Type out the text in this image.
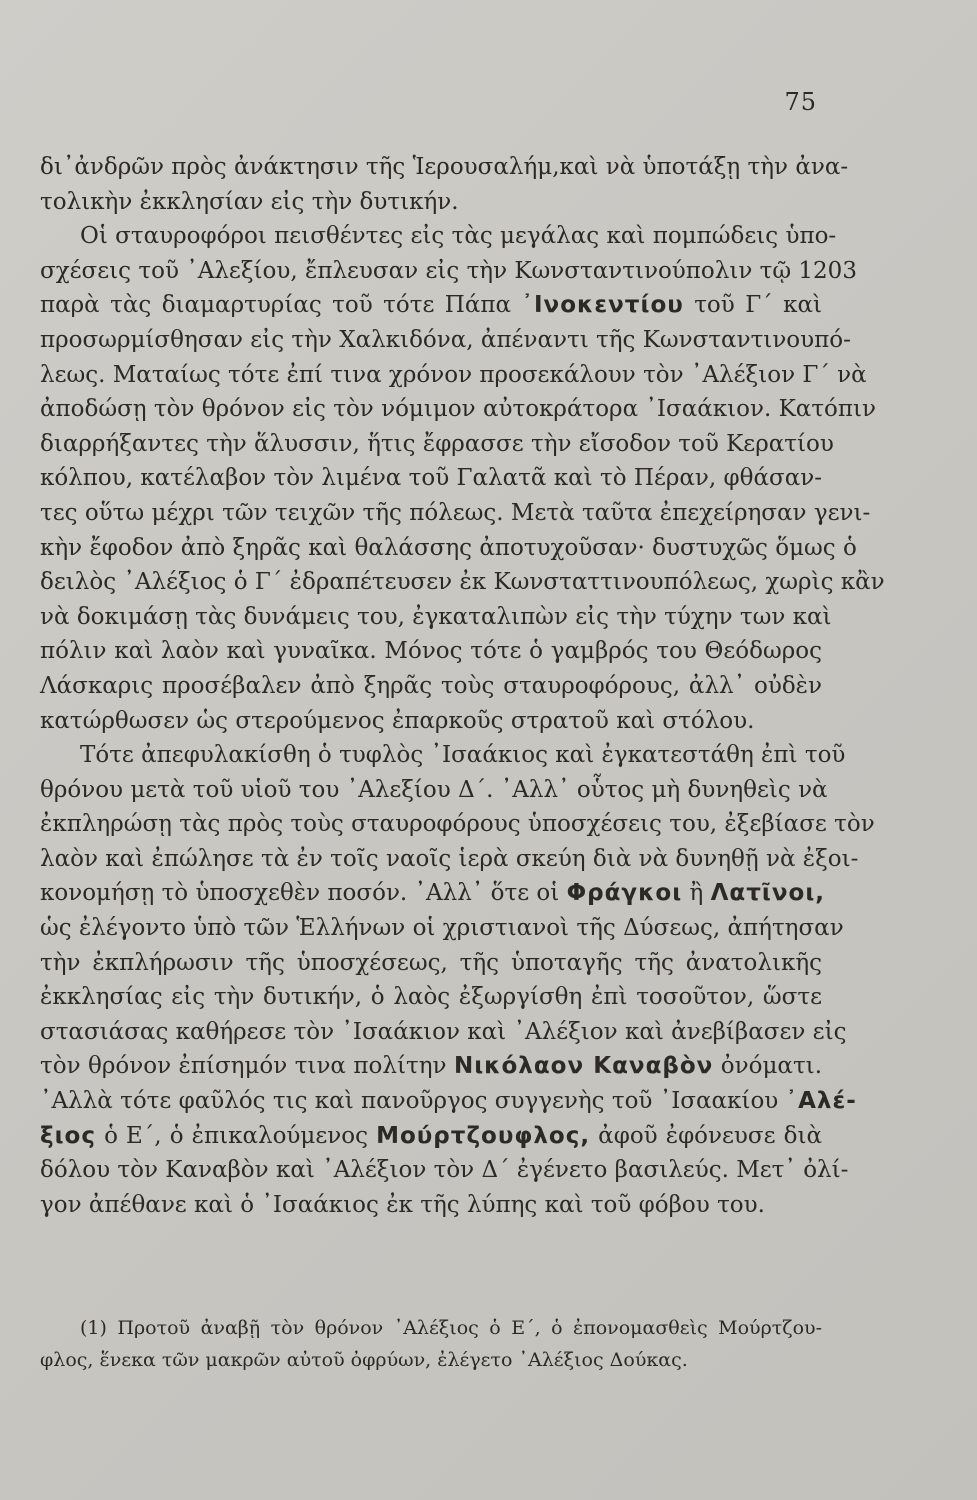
75
δι᾽ἀνδρῶν πρὸς ἀνάκτησιν τῆς Ἱερουσαλήμ,καὶ νὰ ὑποτάξῃ τὴν ἀνα-
τολικὴν ἐκκλησίαν εἰς τὴν δυτικήν.
Οἱ σταυροφόροι πεισθέντες εἰς τὰς μεγάλας καὶ πομπώδεις ὑπο-
σχέσεις τοῦ ᾽Αλεξίου, ἔπλευσαν εἰς τὴν Κωνσταντινούπολιν τῷ 1203
παρὰ τὰς διαμαρτυρίας τοῦ τότε Πάπα ᾽Ινοκεντίου τοῦ Γ΄ καὶ
προσωρμίσθησαν εἰς τὴν Χαλκιδόνα, ἀπέναντι τῆς Κωνσταντινουπό-
λεως. Ματαίως τότε ἐπί τινα χρόνον προσεκάλουν τὸν ᾽Αλέξιον Γ΄ νὰ
ἀποδώσῃ τὸν θρόνον εἰς τὸν νόμιμον αὐτοκράτορα ᾽Ισαάκιον. Κατόπιν
διαρρήξαντες τὴν ἅλυσσιν, ἥτις ἔφρασσε τὴν εἴσοδον τοῦ Κερατίου
κόλπου, κατέλαβον τὸν λιμένα τοῦ Γαλατᾶ καὶ τὸ Πέραν, φθάσαν-
τες οὕτω μέχρι τῶν τειχῶν τῆς πόλεως. Μετὰ ταῦτα ἐπεχείρησαν γενι-
κὴν ἔφοδον ἀπὸ ξηρᾶς καὶ θαλάσσης ἀποτυχοῦσαν· δυστυχῶς ὅμως ὁ
δειλὸς ᾽Αλέξιος ὁ Γ΄ ἐδραπέτευσεν ἐκ Κωνσταττινουπόλεως, χωρὶς κἂν
νὰ δοκιμάσῃ τὰς δυνάμεις του, ἐγκαταλιπὼν εἰς τὴν τύχην των καὶ
πόλιν καὶ λαὸν καὶ γυναῖκα. Μόνος τότε ὁ γαμβρός του Θεόδωρος
Λάσκαρις προσέβαλεν ἀπὸ ξηρᾶς τοὺς σταυροφόρους, ἀλλ᾽ οὐδὲν
κατώρθωσεν ὡς στερούμενος ἐπαρκοῦς στρατοῦ καὶ στόλου.
Τότε ἀπεφυλακίσθη ὁ τυφλὸς ᾽Ισαάκιος καὶ ἐγκατεστάθη ἐπὶ τοῦ
θρόνου μετὰ τοῦ υἱοῦ του ᾽Αλεξίου Δ΄. ᾽Αλλ᾽ οὗτος μὴ δυνηθεὶς νὰ
ἐκπληρώσῃ τὰς πρὸς τοὺς σταυροφόρους ὑποσχέσεις του, ἐξεβίασε τὸν
λαὸν καὶ ἐπώλησε τὰ ἐν τοῖς ναοῖς ἱερὰ σκεύη διὰ νὰ δυνηθῇ νὰ ἐξοι-
κονομήσῃ τὸ ὑποσχεθὲν ποσόν. ᾽Αλλ᾽ ὅτε οἱ Φράγκοι ἢ Λατῖνοι,
ὡς ἐλέγοντο ὑπὸ τῶν Ἑλλήνων οἱ χριστιανοὶ τῆς Δύσεως, ἀπήτησαν
τὴν ἐκπλήρωσιν τῆς ὑποσχέσεως, τῆς ὑποταγῆς τῆς ἀνατολικῆς
ἐκκλησίας εἰς τὴν δυτικήν, ὁ λαὸς ἐξωργίσθη ἐπὶ τοσοῦτον, ὥστε
στασιάσας καθήρεσε τὸν ᾽Ισαάκιον καὶ ᾽Αλέξιον καὶ ἀνεβίβασεν εἰς
τὸν θρόνον ἐπίσημόν τινα πολίτην Νικόλαον Καναβὸν ὀνόματι.
᾽Αλλὰ τότε φαῦλός τις καὶ πανοῦργος συγγενὴς τοῦ ᾽Ισαακίου ᾽Αλέ-
ξιος ὁ Ε΄, ὁ ἐπικαλούμενος Μούρτζουφλος, ἀφοῦ ἐφόνευσε διὰ
δόλου τὸν Καναβὸν καὶ ᾽Αλέξιον τὸν Δ΄ ἐγένετο βασιλεύς. Μετ᾽ ὀλί-
γον ἀπέθανε καὶ ὁ ᾽Ισαάκιος ἐκ τῆς λύπης καὶ τοῦ φόβου του.
(1) Προτοῦ ἀναβῇ τὸν θρόνον ᾽Αλέξιος ὁ Ε΄, ὁ ἐπονομασθεὶς Μούρτζου-
φλος, ἕνεκα τῶν μακρῶν αὐτοῦ ὀφρύων, ἐλέγετο ᾽Αλέξιος Δούκας.
